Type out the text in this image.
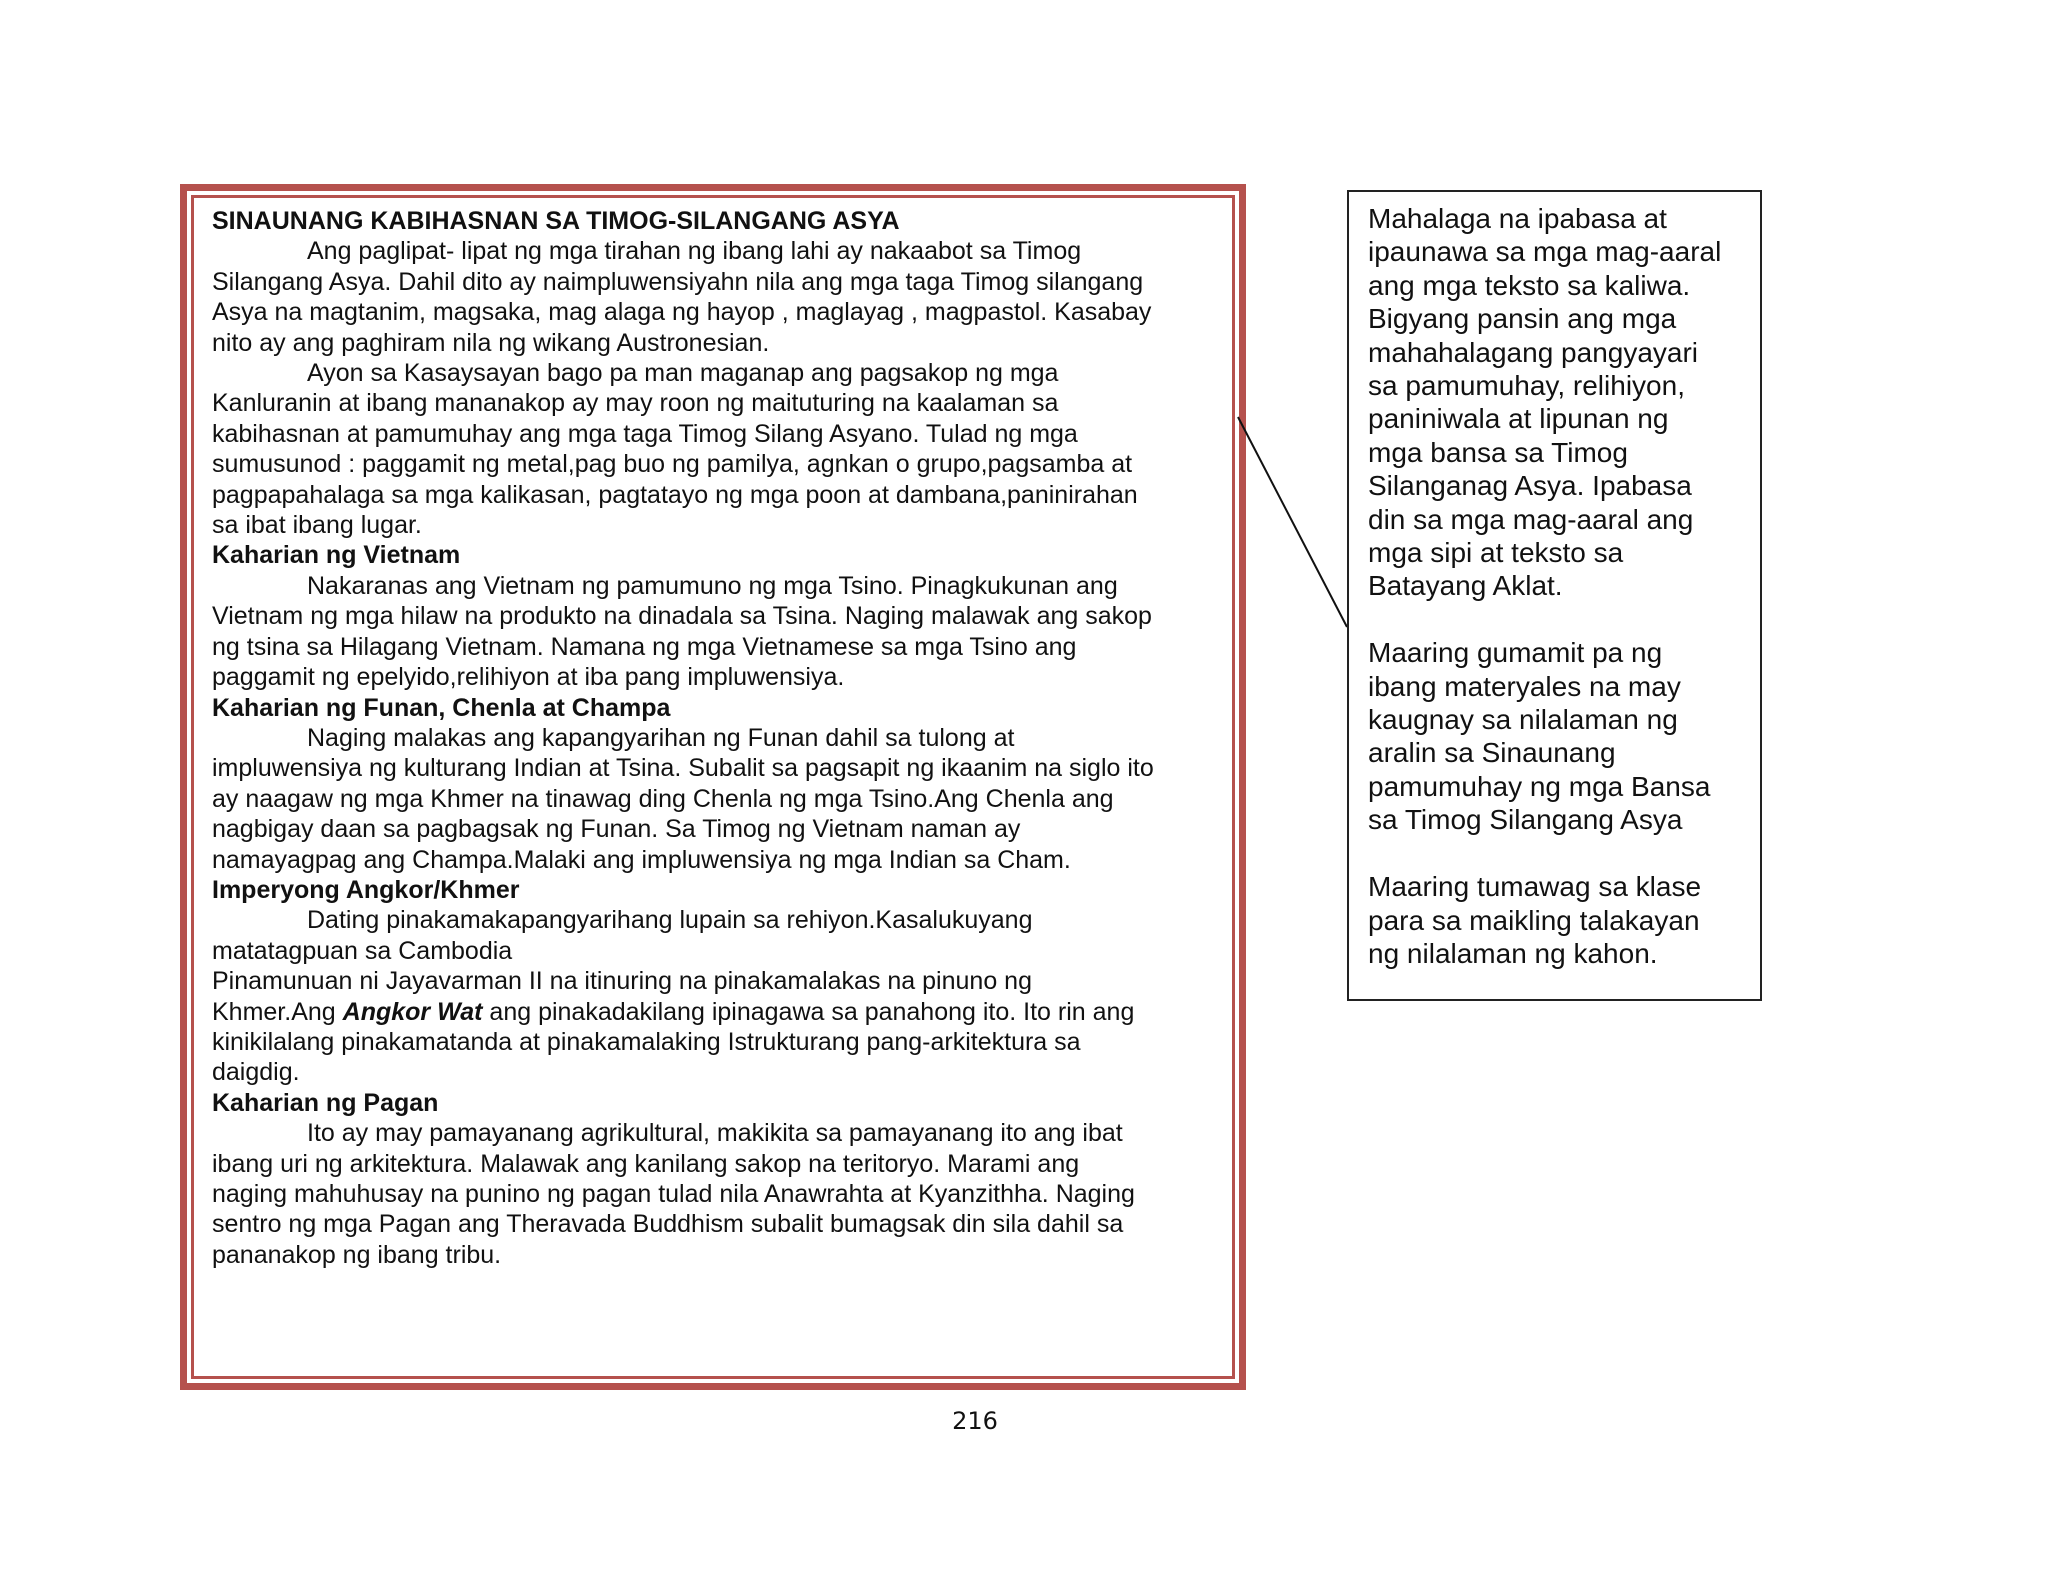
SINAUNANG KABIHASNAN SA TIMOG-SILANGANG ASYA

Ang paglipat- lipat ng mga tirahan ng ibang lahi ay nakaabot sa Timog

Silangang Asya. Dahil dito ay naimpluwensiyahn nila ang mga taga Timog silangang

Asya na magtanim, magsaka, mag alaga ng hayop , maglayag , magpastol. Kasabay

nito ay ang paghiram nila ng wikang Austronesian.

Ayon sa Kasaysayan bago pa man maganap ang pagsakop ng mga

Kanluranin at ibang mananakop ay may roon ng maituturing na kaalaman sa

kabihasnan at pamumuhay ang mga taga Timog Silang Asyano. Tulad ng mga

sumusunod : paggamit ng metal,pag buo ng pamilya, agnkan o grupo,pagsamba at

pagpapahalaga sa mga kalikasan, pagtatayo ng mga poon at dambana,paninirahan

sa ibat ibang lugar.

Kaharian ng Vietnam

Nakaranas ang Vietnam ng pamumuno ng mga Tsino. Pinagkukunan ang

Vietnam ng mga hilaw na produkto na dinadala sa Tsina. Naging malawak ang sakop

ng tsina sa Hilagang Vietnam. Namana ng mga Vietnamese sa mga Tsino ang

paggamit ng epelyido,relihiyon at iba pang impluwensiya.

Kaharian ng Funan, Chenla at Champa

Naging malakas ang kapangyarihan ng Funan dahil sa tulong at

impluwensiya ng kulturang Indian at Tsina. Subalit sa pagsapit ng ikaanim na siglo ito

ay naagaw ng mga Khmer na tinawag ding Chenla ng mga Tsino.Ang Chenla ang

nagbigay daan sa pagbagsak ng Funan. Sa Timog ng Vietnam naman ay

namayagpag ang Champa.Malaki ang impluwensiya ng mga Indian sa Cham.

Imperyong Angkor/Khmer

Dating pinakamakapangyarihang lupain sa rehiyon.Kasalukuyang

matatagpuan sa Cambodia

Pinamunuan ni Jayavarman II na itinuring na pinakamalakas na pinuno ng

Khmer.Ang Angkor Wat ang pinakadakilang ipinagawa sa panahong ito. Ito rin ang

kinikilalang pinakamatanda at pinakamalaking Istrukturang pang-arkitektura sa

daigdig.

Kaharian ng Pagan

Ito ay may pamayanang agrikultural, makikita sa pamayanang ito ang ibat

ibang uri ng arkitektura. Malawak ang kanilang sakop na teritoryo. Marami ang

naging mahuhusay na punino ng pagan tulad nila Anawrahta at Kyanzithha. Naging

sentro ng mga Pagan ang Theravada Buddhism subalit bumagsak din sila dahil sa

pananakop ng ibang tribu.

Mahalaga na ipabasa at

ipaunawa sa mga mag-aaral

ang mga teksto sa kaliwa.

Bigyang pansin ang mga

mahahalagang pangyayari

sa pamumuhay, relihiyon,

paniniwala at lipunan ng

mga bansa sa Timog

Silanganag Asya. Ipabasa

din sa mga mag-aaral ang

mga sipi at teksto sa

Batayang Aklat.

Maaring gumamit pa ng

ibang materyales na may

kaugnay sa nilalaman ng

aralin sa Sinaunang

pamumuhay ng mga Bansa

sa Timog Silangang Asya

Maaring tumawag sa klase

para sa maikling talakayan

ng nilalaman ng kahon.

216
